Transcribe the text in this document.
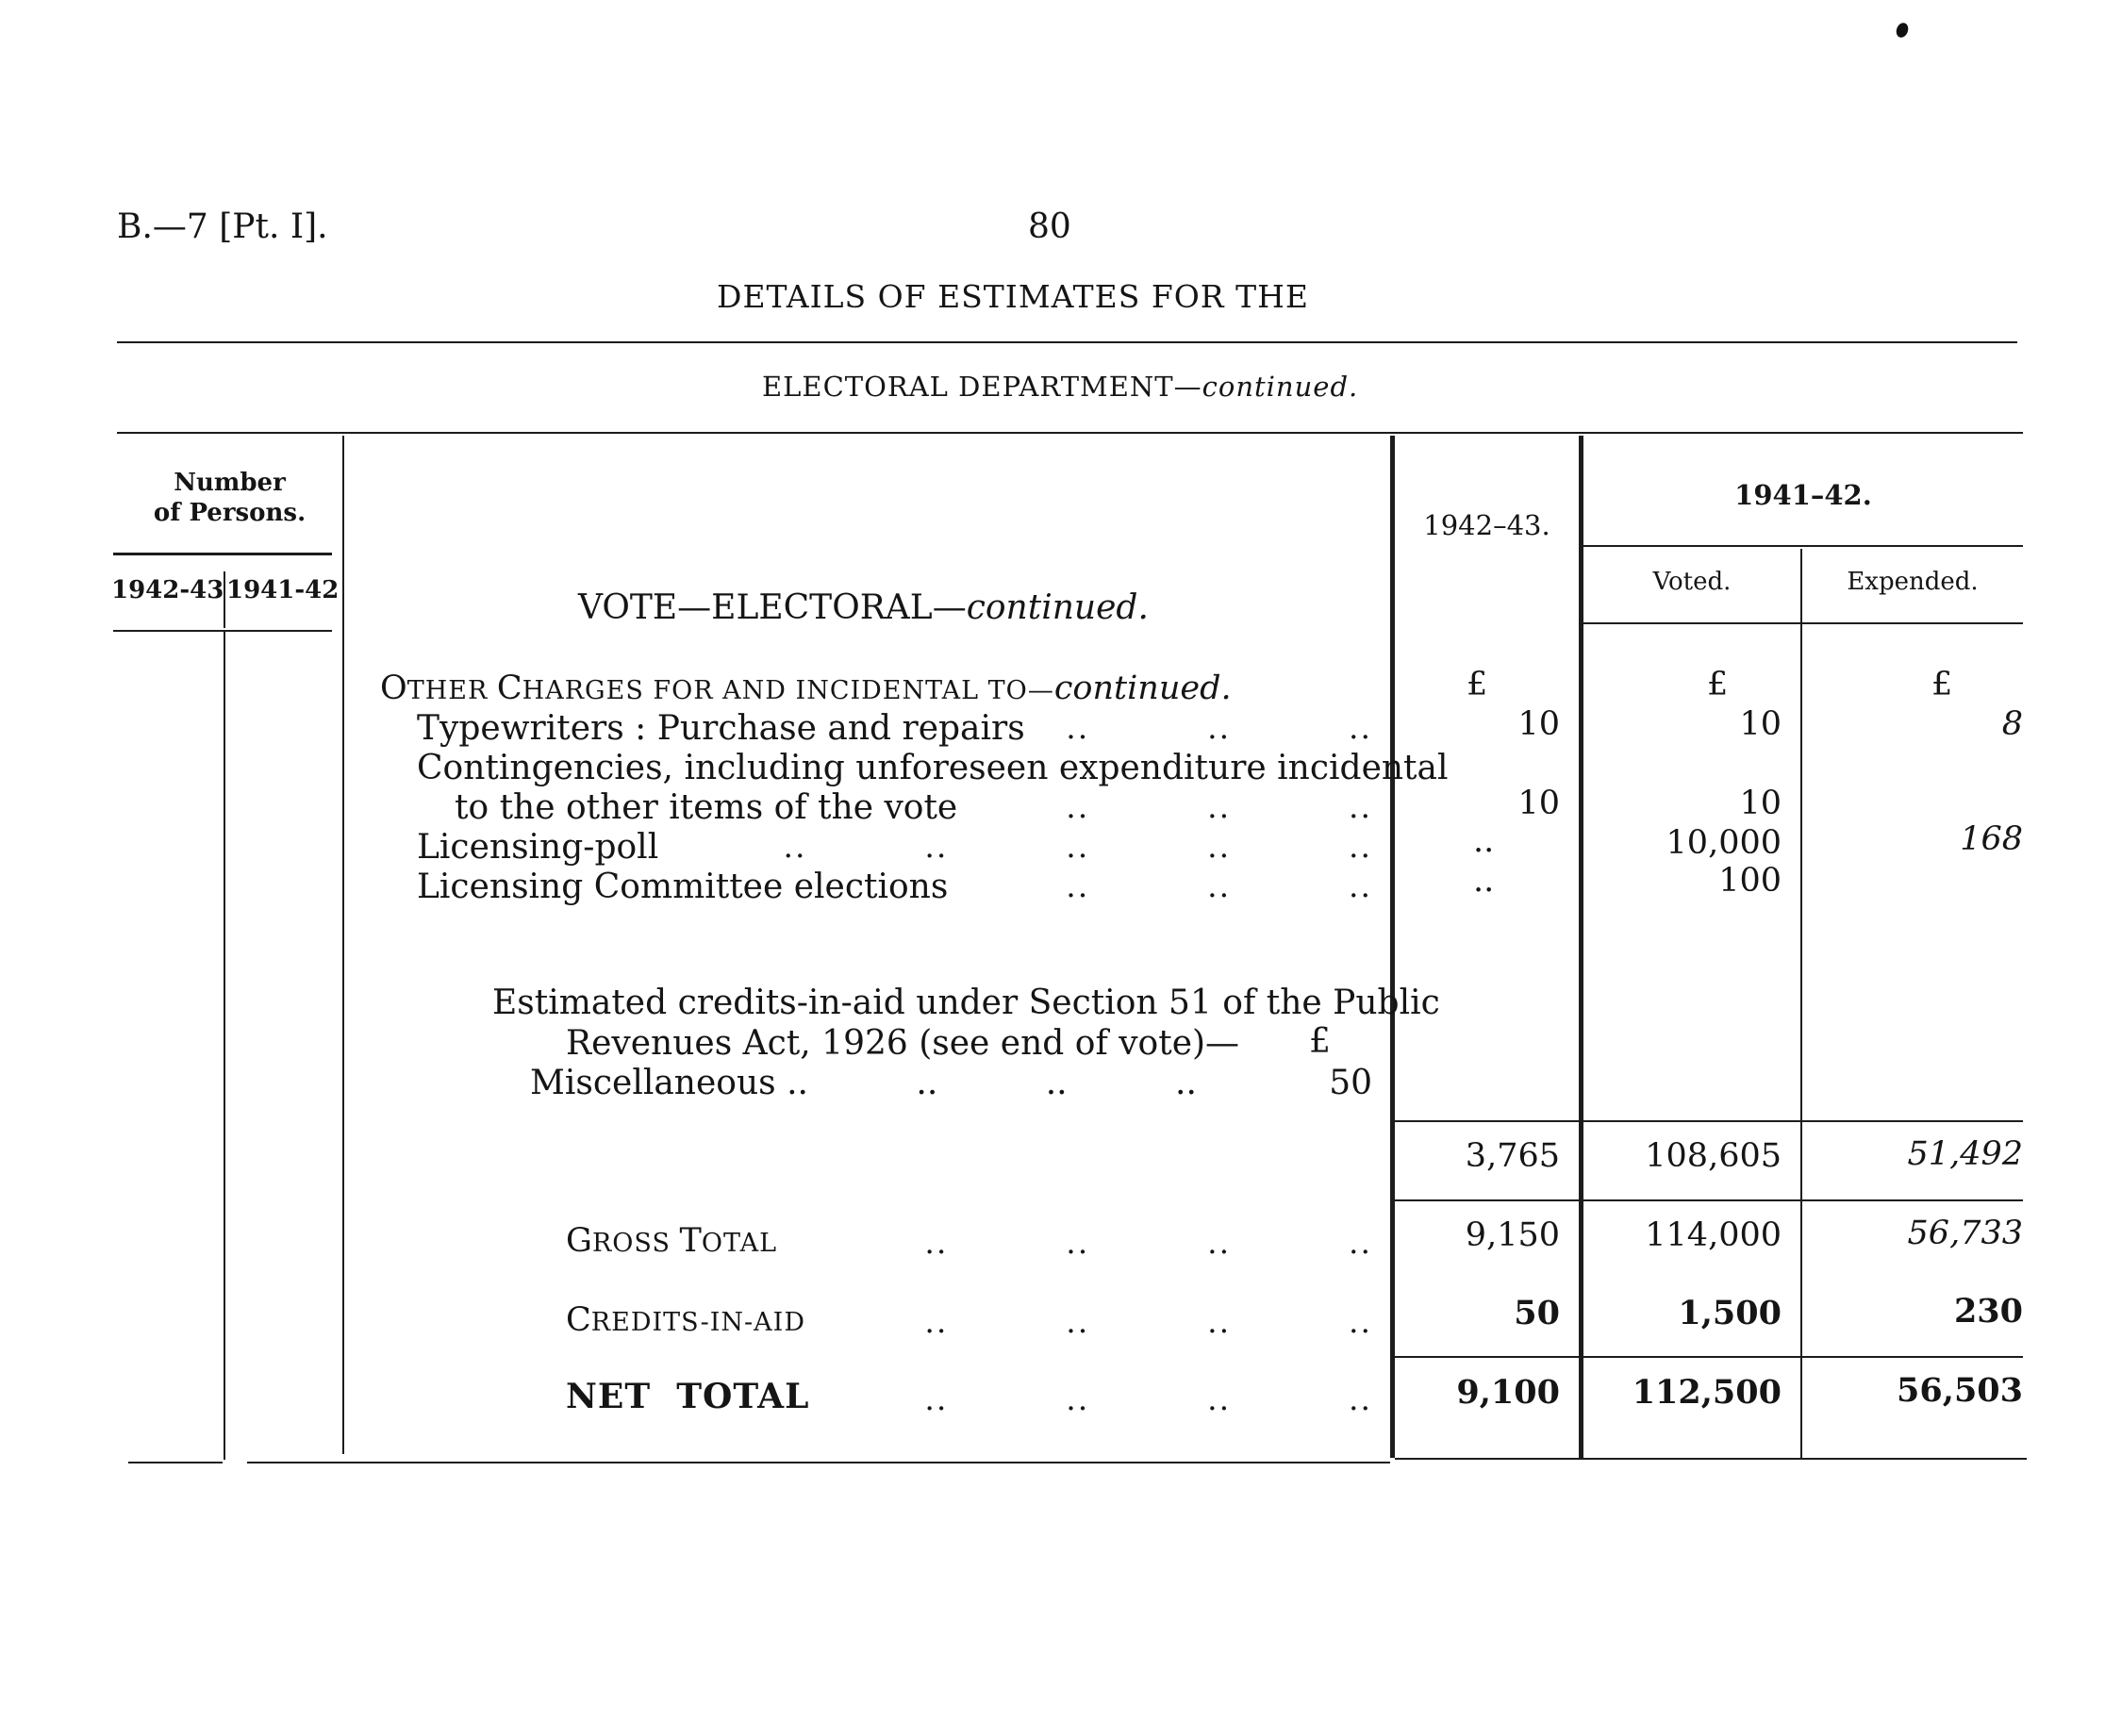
B.—7 [Pt. I].	80
DETAILS OF ESTIMATES FOR THE
ELECTORAL DEPARTMENT—continued.
Number
of Persons.
1942-43 1941-42
1942–43.
1941–42.
Voted.	Expended.
VOTE—ELECTORAL—continued.
OTHER CHARGES FOR AND INCIDENTAL TO—continued.	£	£	£
Typewriters : Purchase and repairs	..          ..          ..	10	10	8
Contingencies, including unforeseen expenditure incidental
to the other items of the vote	..          ..          ..	10	10
Licensing-poll	..          ..          ..          ..          ..	..	10,000	168
Licensing Committee elections	..          ..          ..	..	100
Estimated credits-in-aid under Section 51 of the Public
Revenues Act, 1926 (see end of vote)— £
Miscellaneous ..          ..          ..          ..	50
3,765	108,605	51,492
GROSS TOTAL	..          ..          ..          ..	9,150	114,000	56,733
CREDITS-IN-AID	..          ..          ..          ..	50	1,500	230
NET  TOTAL	..          ..          ..          ..	9,100	112,500	56,503
